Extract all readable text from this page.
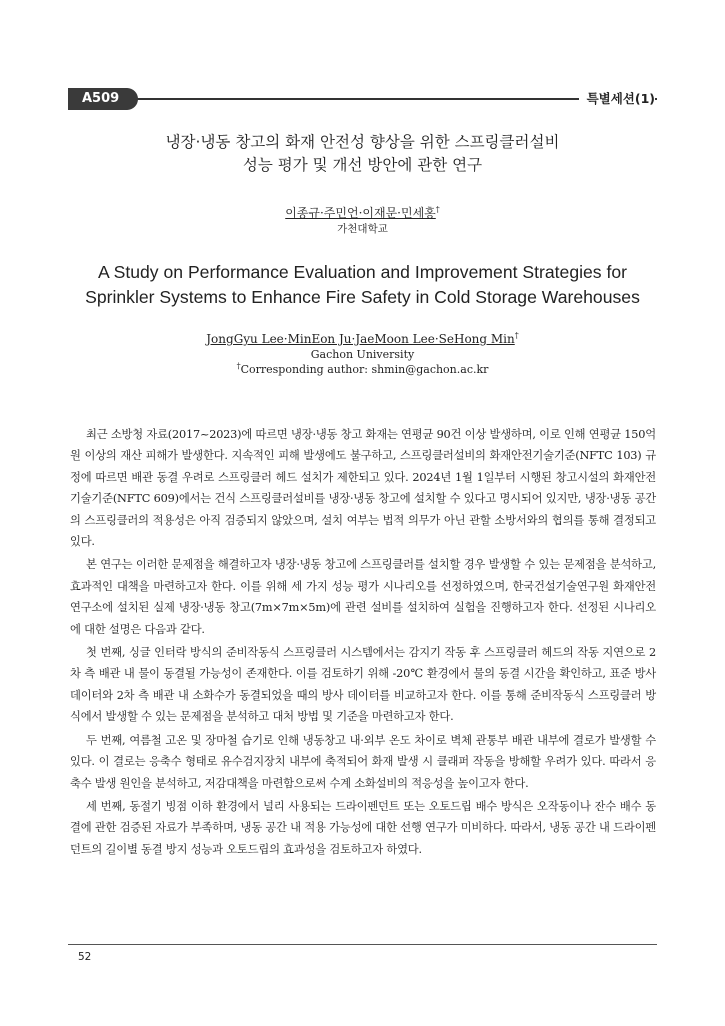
A509	특별세션(1)
냉장·냉동 창고의 화재 안전성 향상을 위한 스프링클러설비
성능 평가 및 개선 방안에 관한 연구
이종규·주민언·이재문·민세홍†
가천대학교
A Study on Performance Evaluation and Improvement Strategies for
Sprinkler Systems to Enhance Fire Safety in Cold Storage Warehouses
JongGyu Lee·MinEon Ju·JaeMoon Lee·SeHong Min†
Gachon University
†Corresponding author: shmin@gachon.ac.kr

최근 소방청 자료(2017~2023)에 따르면 냉장·냉동 창고 화재는 연평균 90건 이상 발생하며, 이로 인해 연평균 150억 원 이상의 재산 피해가 발생한다. 지속적인 피해 발생에도 불구하고, 스프링클러설비의 화재안전기술기준(NFTC 103) 규정에 따르면 배관 동결 우려로 스프링클러 헤드 설치가 제한되고 있다. 2024년 1월 1일부터 시행된 창고시설의 화재안전기술기준(NFTC 609)에서는 건식 스프링클러설비를 냉장·냉동 창고에 설치할 수 있다고 명시되어 있지만, 냉장·냉동 공간의 스프링클러의 적용성은 아직 검증되지 않았으며, 설치 여부는 법적 의무가 아닌 관할 소방서와의 협의를 통해 결정되고 있다.

본 연구는 이러한 문제점을 해결하고자 냉장·냉동 창고에 스프링클러를 설치할 경우 발생할 수 있는 문제점을 분석하고, 효과적인 대책을 마련하고자 한다. 이를 위해 세 가지 성능 평가 시나리오를 선정하였으며, 한국건설기술연구원 화재안전연구소에 설치된 실제 냉장·냉동 창고(7m×7m×5m)에 관련 설비를 설치하여 실험을 진행하고자 한다. 선정된 시나리오에 대한 설명은 다음과 같다.

첫 번째, 싱글 인터락 방식의 준비작동식 스프링클러 시스템에서는 감지기 작동 후 스프링클러 헤드의 작동 지연으로 2차 측 배관 내 물이 동결될 가능성이 존재한다. 이를 검토하기 위해 -20℃ 환경에서 물의 동결 시간을 확인하고, 표준 방사 데이터와 2차 측 배관 내 소화수가 동결되었을 때의 방사 데이터를 비교하고자 한다. 이를 통해 준비작동식 스프링클러 방식에서 발생할 수 있는 문제점을 분석하고 대처 방법 및 기준을 마련하고자 한다.

두 번째, 여름철 고온 및 장마철 습기로 인해 냉동창고 내·외부 온도 차이로 벽체 관통부 배관 내부에 결로가 발생할 수 있다. 이 결로는 응축수 형태로 유수검지장치 내부에 축적되어 화재 발생 시 클래퍼 작동을 방해할 우려가 있다. 따라서 응축수 발생 원인을 분석하고, 저감대책을 마련함으로써 수계 소화설비의 적응성을 높이고자 한다.

세 번째, 동절기 빙점 이하 환경에서 널리 사용되는 드라이펜던트 또는 오토드립 배수 방식은 오작동이나 잔수 배수 동결에 관한 검증된 자료가 부족하며, 냉동 공간 내 적용 가능성에 대한 선행 연구가 미비하다. 따라서, 냉동 공간 내 드라이펜던트의 길이별 동결 방지 성능과 오토드립의 효과성을 검토하고자 하였다.

52
